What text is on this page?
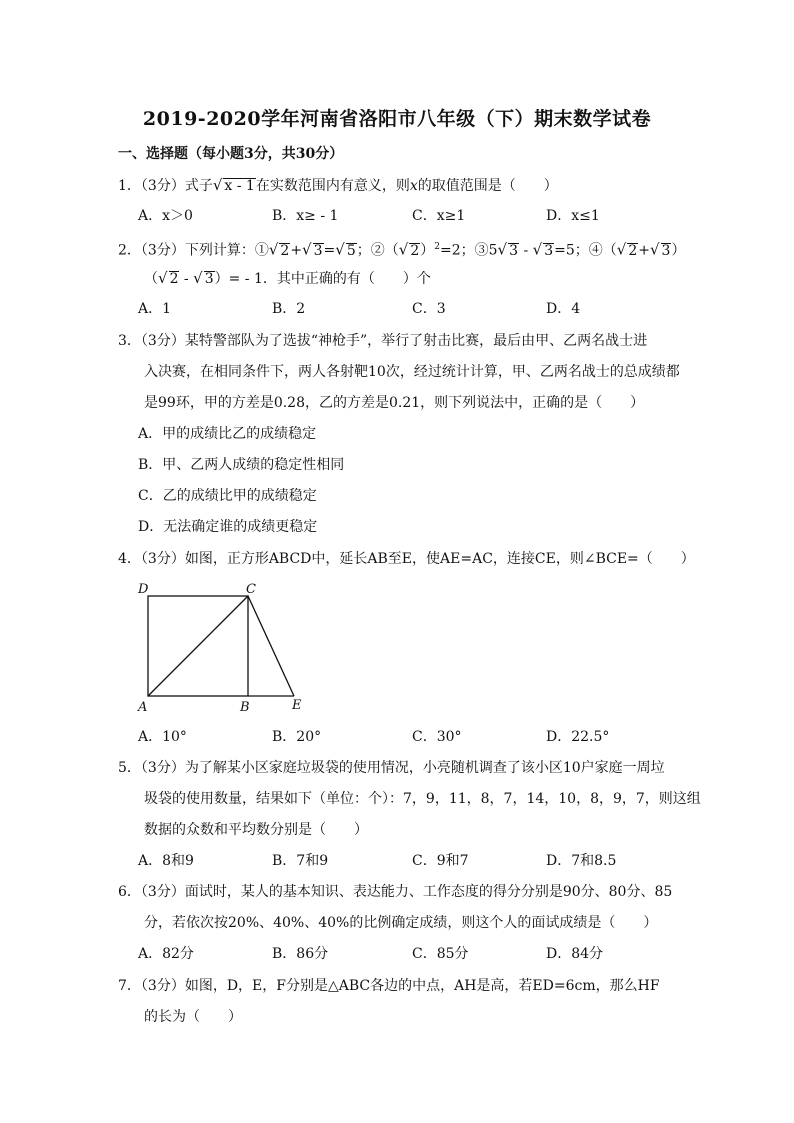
2019-2020学年河南省洛阳市八年级（下）期末数学试卷
一、选择题（每小题3分，共30分）
1．（3分）式子√ x - 1在实数范围内有意义，则x的取值范围是（　　）
A．x＞0	B．x≥ - 1	C．x≥1	D．x≤1
2．（3分）下列计算：①√ 2+√ 3=√ 5；②（√ 2）$^2$=2；③5√ 3 - √ 3=5；④（√ 2+√ 3）
（√ 2 - √ 3）= - 1．其中正确的有（　　）个
A．1	B．2	C．3	D．4
3．（3分）某特警部队为了选拔“神枪手”，举行了射击比赛，最后由甲、乙两名战士进
入决赛，在相同条件下，两人各射靶10次，经过统计计算，甲、乙两名战士的总成绩都
是99环，甲的方差是0.28，乙的方差是0.21，则下列说法中，正确的是（　　）
A．甲的成绩比乙的成绩稳定
B．甲、乙两人成绩的稳定性相同
C．乙的成绩比甲的成绩稳定
D．无法确定谁的成绩更稳定
4．（3分）如图，正方形ABCD中，延长AB至E，使AE=AC，连接CE，则∠BCE=（　　）
D	C
A	B	E
A．10°	B．20°	C．30°	D．22.5°
5．（3分）为了解某小区家庭垃圾袋的使用情况，小亮随机调查了该小区10户家庭一周垃
圾袋的使用数量，结果如下（单位：个）：7，9，11，8，7，14，10，8，9，7，则这组
数据的众数和平均数分别是（　　）
A．8和9	B．7和9	C．9和7	D．7和8.5
6．（3分）面试时，某人的基本知识、表达能力、工作态度的得分分别是90分、80分、85
分，若依次按20%、40%、40%的比例确定成绩，则这个人的面试成绩是（　　）
A．82分	B．86分	C．85分	D．84分
7．（3分）如图，D，E，F分别是△ABC各边的中点，AH是高，若ED=6cm，那么HF
的长为（　　）
